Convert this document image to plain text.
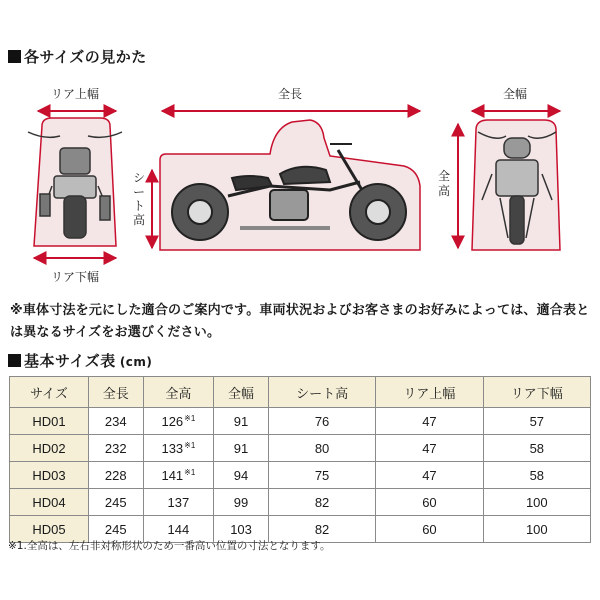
各サイズの見かた
リア上幅
リア下幅
全長
シ
ー
ト
高
全幅
全
高
※車体寸法を元にした適合のご案内です。車両状況およびお客さまのお好みによっては、適合表とは異なるサイズをお選びください。
基本サイズ表 (cm)
サイズ	全長	全高	全幅	シート高	リア上幅	リア下幅
HD01	234	126$^{※1}$	91	76	47	57
HD02	232	133$^{※1}$	91	80	47	58
HD03	228	141$^{※1}$	94	75	47	58
HD04	245	137	99	82	60	100
HD05	245	144	103	82	60	100
※1.全高は、左右非対称形状のため一番高い位置の寸法となります。
